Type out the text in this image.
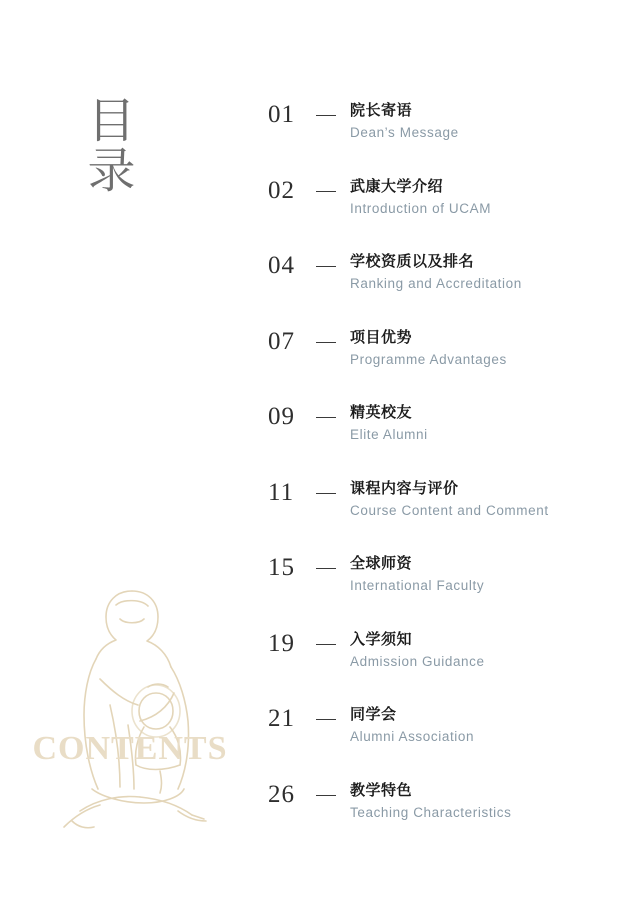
目录
CONTENTS
01	院长寄语
Dean’s Message
02	武康大学介绍
Introduction of UCAM
04	学校资质以及排名
Ranking and Accreditation
07	项目优势
Programme Advantages
09	精英校友
Elite Alumni
11	课程内容与评价
Course Content and Comment
15	全球师资
International Faculty
19	入学须知
Admission Guidance
21	同学会
Alumni Association
26	教学特色
Teaching Characteristics
